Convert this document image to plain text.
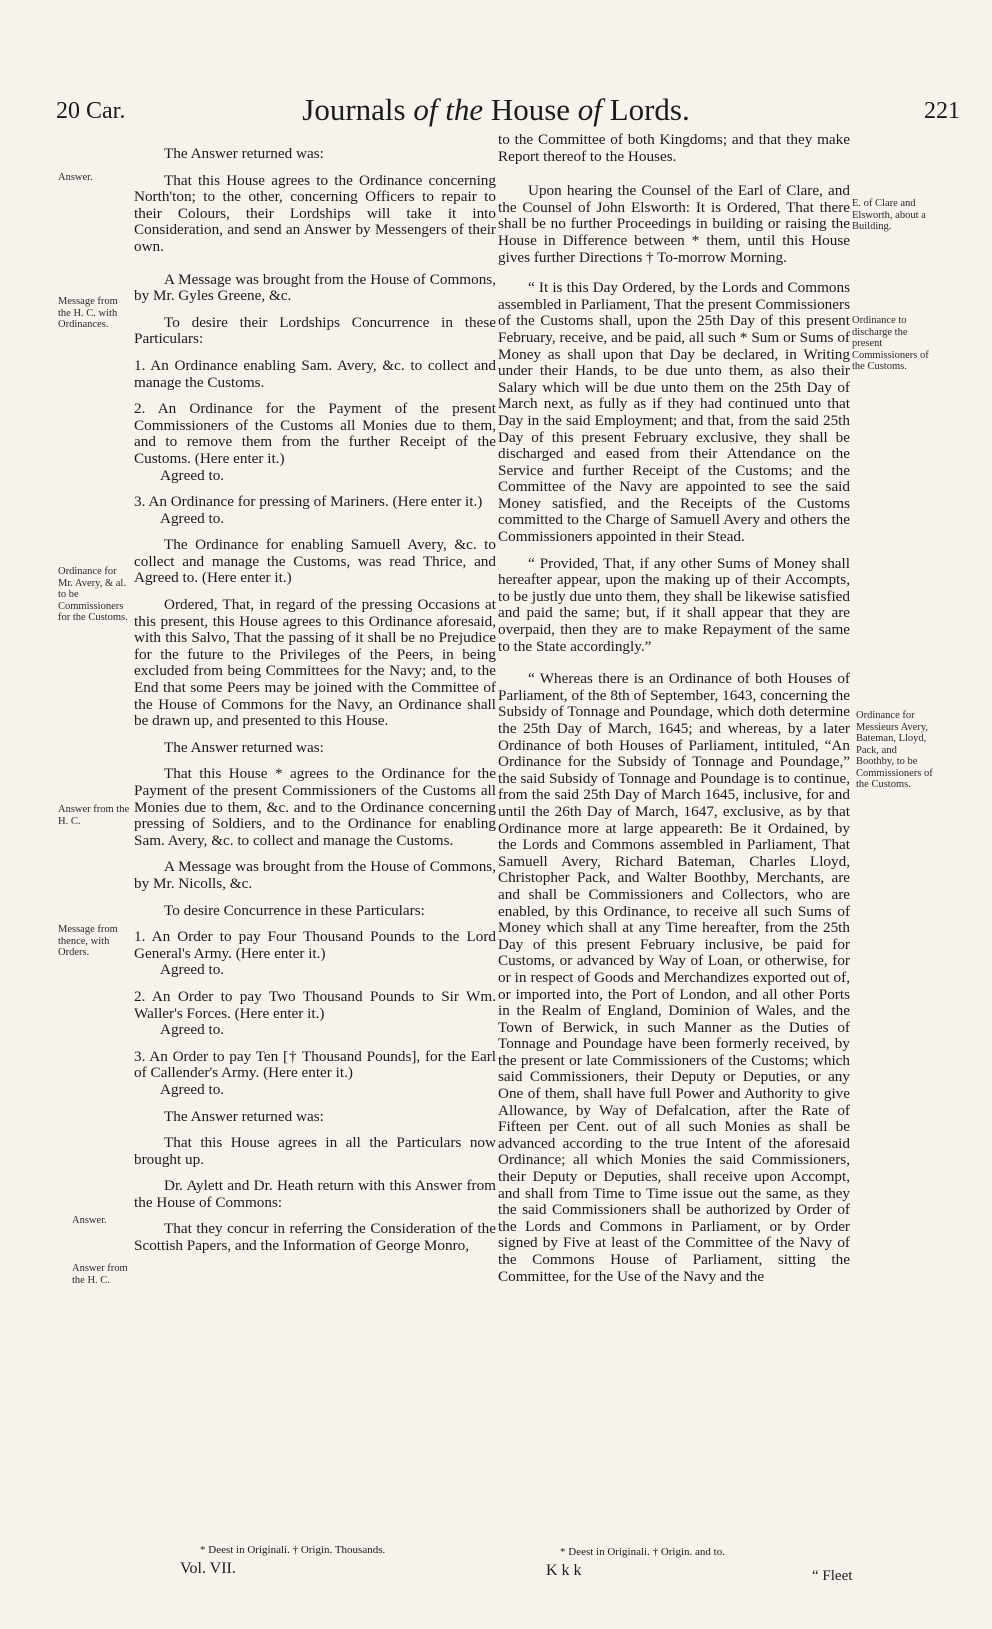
20 Car.	Journals of the House of Lords.	221
Answer.
Message from the H. C. with Ordinances.
Ordinance for Mr. Avery, & al. to be Commissioners for the Customs.
Answer from the H. C.
Message from thence, with Orders.
Answer.
Answer from the H. C.
E. of Clare and Elsworth, about a Building.
Ordinance to discharge the present Commissioners of the Customs.
Ordinance for Messieurs Avery, Bateman, Lloyd, Pack, and Boothby, to be Commissioners of the Customs.

The Answer returned was:

That this House agrees to the Ordinance concerning North'ton; to the other, concerning Officers to repair to their Colours, their Lordships will take it into Consideration, and send an Answer by Messengers of their own.

A Message was brought from the House of Commons, by Mr. Gyles Greene, &c.

To desire their Lordships Concurrence in these Particulars:

1. An Ordinance enabling Sam. Avery, &c. to collect and manage the Customs.

2. An Ordinance for the Payment of the present Commissioners of the Customs all Monies due to them, and to remove them from the further Receipt of the Customs. (Here enter it.)

Agreed to.

3. An Ordinance for pressing of Mariners. (Here enter it.)

Agreed to.

The Ordinance for enabling Samuell Avery, &c. to collect and manage the Customs, was read Thrice, and Agreed to. (Here enter it.)

Ordered, That, in regard of the pressing Occasions at this present, this House agrees to this Ordinance aforesaid, with this Salvo, That the passing of it shall be no Prejudice for the future to the Privileges of the Peers, in being excluded from being Committees for the Navy; and, to the End that some Peers may be joined with the Committee of the House of Commons for the Navy, an Ordinance shall be drawn up, and presented to this House.

The Answer returned was:

That this House * agrees to the Ordinance for the Payment of the present Commissioners of the Customs all Monies due to them, &c. and to the Ordinance concerning pressing of Soldiers, and to the Ordinance for enabling Sam. Avery, &c. to collect and manage the Customs.

A Message was brought from the House of Commons, by Mr. Nicolls, &c.

To desire Concurrence in these Particulars:

1. An Order to pay Four Thousand Pounds to the Lord General's Army. (Here enter it.)

Agreed to.

2. An Order to pay Two Thousand Pounds to Sir Wm. Waller's Forces. (Here enter it.)

Agreed to.

3. An Order to pay Ten [† Thousand Pounds], for the Earl of Callender's Army. (Here enter it.)

Agreed to.

The Answer returned was:

That this House agrees in all the Particulars now brought up.

Dr. Aylett and Dr. Heath return with this Answer from the House of Commons:

That they concur in referring the Consideration of the Scottish Papers, and the Information of George Monro,

* Deest in Originali. † Origin. Thousands.
Vol. VII.

to the Committee of both Kingdoms; and that they make Report thereof to the Houses.

Upon hearing the Counsel of the Earl of Clare, and the Counsel of John Elsworth: It is Ordered, That there shall be no further Proceedings in building or raising the House in Difference between * them, until this House gives further Directions † To-morrow Morning.

“ It is this Day Ordered, by the Lords and Commons assembled in Parliament, That the present Commissioners of the Customs shall, upon the 25th Day of this present February, receive, and be paid, all such * Sum or Sums of Money as shall upon that Day be declared, in Writing under their Hands, to be due unto them, as also their Salary which will be due unto them on the 25th Day of March next, as fully as if they had continued unto that Day in the said Employment; and that, from the said 25th Day of this present February exclusive, they shall be discharged and eased from their Attendance on the Service and further Receipt of the Customs; and the Committee of the Navy are appointed to see the said Money satisfied, and the Receipts of the Customs committed to the Charge of Samuell Avery and others the Commissioners appointed in their Stead.

“ Provided, That, if any other Sums of Money shall hereafter appear, upon the making up of their Accompts, to be justly due unto them, they shall be likewise satisfied and paid the same; but, if it shall appear that they are overpaid, then they are to make Repayment of the same to the State accordingly.”

“ Whereas there is an Ordinance of both Houses of Parliament, of the 8th of September, 1643, concerning the Subsidy of Tonnage and Poundage, which doth determine the 25th Day of March, 1645; and whereas, by a later Ordinance of both Houses of Parliament, intituled, “An Ordinance for the Subsidy of Tonnage and Poundage,” the said Subsidy of Tonnage and Poundage is to continue, from the said 25th Day of March 1645, inclusive, for and until the 26th Day of March, 1647, exclusive, as by that Ordinance more at large appeareth: Be it Ordained, by the Lords and Commons assembled in Parliament, That Samuell Avery, Richard Bateman, Charles Lloyd, Christopher Pack, and Walter Boothby, Merchants, are and shall be Commissioners and Collectors, who are enabled, by this Ordinance, to receive all such Sums of Money which shall at any Time hereafter, from the 25th Day of this present February inclusive, be paid for Customs, or advanced by Way of Loan, or otherwise, for or in respect of Goods and Merchandizes exported out of, or imported into, the Port of London, and all other Ports in the Realm of England, Dominion of Wales, and the Town of Berwick, in such Manner as the Duties of Tonnage and Poundage have been formerly received, by the present or late Commissioners of the Customs; which said Commissioners, their Deputy or Deputies, or any One of them, shall have full Power and Authority to give Allowance, by Way of Defalcation, after the Rate of Fifteen per Cent. out of all such Monies as shall be advanced according to the true Intent of the aforesaid Ordinance; all which Monies the said Commissioners, their Deputy or Deputies, shall receive upon Accompt, and shall from Time to Time issue out the same, as they the said Commissioners shall be authorized by Order of the Lords and Commons in Parliament, or by Order signed by Five at least of the Committee of the Navy of the Commons House of Parliament, sitting the Committee, for the Use of the Navy and the

* Deest in Originali. † Origin. and to.
K k k	“ Fleet
